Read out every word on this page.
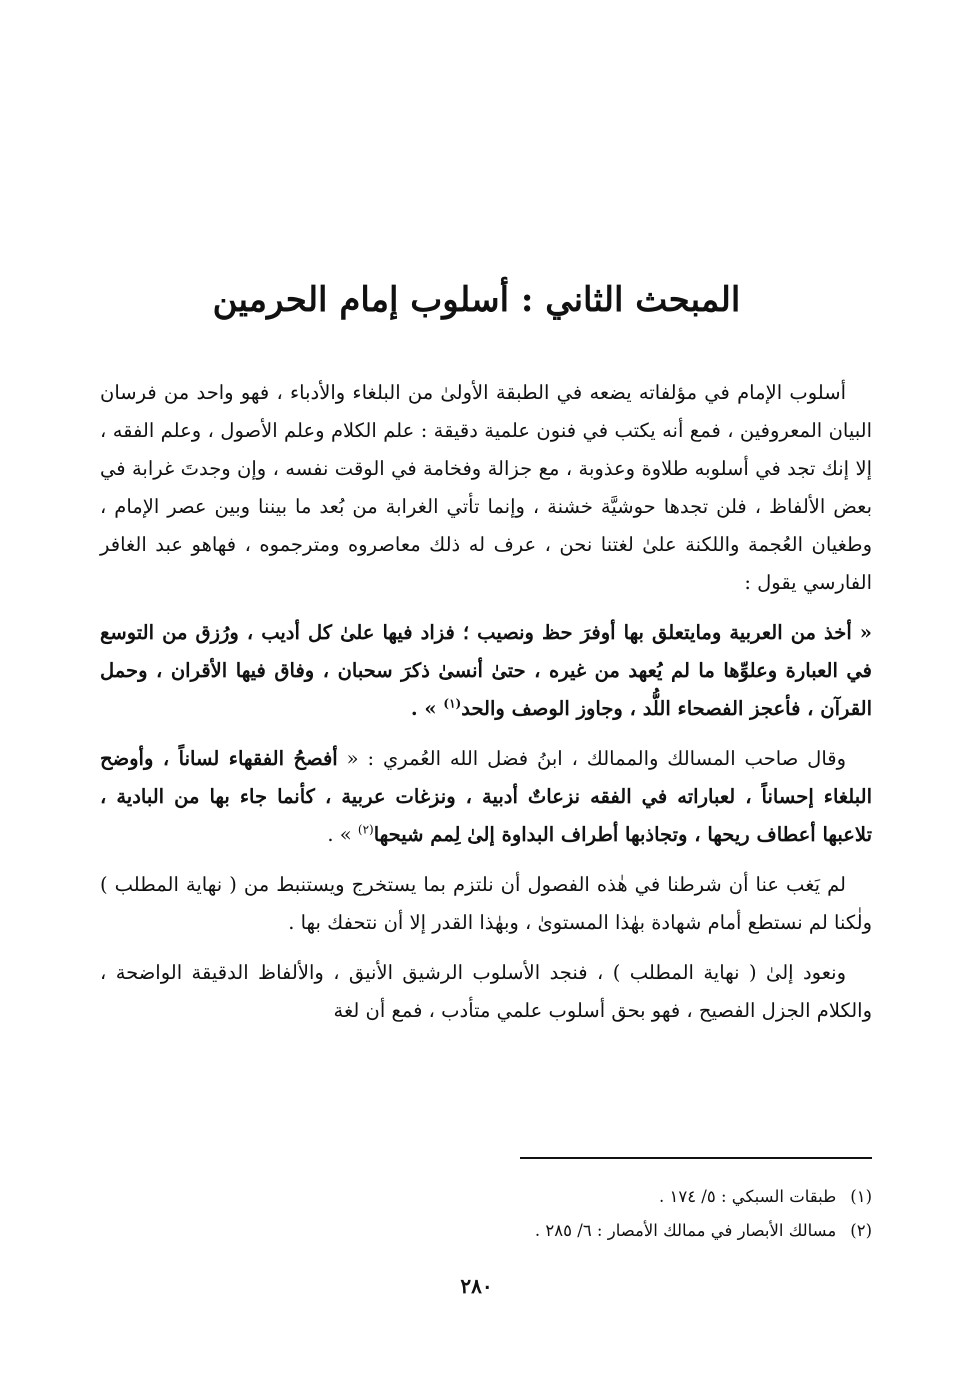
المبحث الثاني : أسلوب إمام الحرمين

أسلوب الإمام في مؤلفاته يضعه في الطبقة الأولىٰ من البلغاء والأدباء ، فهو واحد من فرسان البيان المعروفين ، فمع أنه يكتب في فنون علمية دقيقة : علم الكلام وعلم الأصول ، وعلم الفقه ، إلا إنك تجد في أسلوبه طلاوة وعذوبة ، مع جزالة وفخامة في الوقت نفسه ، وإن وجدتَ غرابة في بعض الألفاظ ، فلن تجدها حوشيَّة خشنة ، وإنما تأتي الغرابة من بُعد ما بيننا وبين عصر الإمام ، وطغيان العُجمة واللكنة علىٰ لغتنا نحن ، عرف له ذلك معاصروه ومترجموه ، فهاهو عبد الغافر الفارسي يقول :

« أخذ من العربية ومايتعلق بها أوفرَ حظ ونصيب ؛ فزاد فيها علىٰ كل أديب ، ورُزق من التوسع في العبارة وعلوِّها ما لم يُعهد من غيره ، حتىٰ أنسىٰ ذكرَ سحبان ، وفاق فيها الأقران ، وحمل القرآن ، فأعجز الفصحاء اللُّد ، وجاوز الوصف والحد$^{(١)}$ » .

وقال صاحب المسالك والممالك ، ابنُ فضل الله العُمري : « أفصحُ الفقهاء لساناً ، وأوضح البلغاء إحساناً ، لعباراته في الفقه نزعاتٌ أدبية ، ونزغات عربية ، كأنما جاء بها من البادية ، تلاعبها أعطاف ريحها ، وتجاذبها أطراف البداوة إلىٰ لِمم شيحها$^{(٢)}$ » .

لم يَغب عنا أن شرطنا في هٰذه الفصول أن نلتزم بما يستخرج ويستنبط من ( نهاية المطلب ) ولٰكنا لم نستطع أمام شهادة بهٰذا المستوىٰ ، وبهٰذا القدر إلا أن نتحفك بها .

ونعود إلىٰ ( نهاية المطلب ) ، فنجد الأسلوب الرشيق الأنيق ، والألفاظ الدقيقة الواضحة ، والكلام الجزل الفصيح ، فهو بحق أسلوب علمي متأدب ، فمع أن لغة

(١)طبقات السبكي : ٥/ ١٧٤ .
(٢)مسالك الأبصار في ممالك الأمصار : ٦/ ٢٨٥ .
٢٨٠
